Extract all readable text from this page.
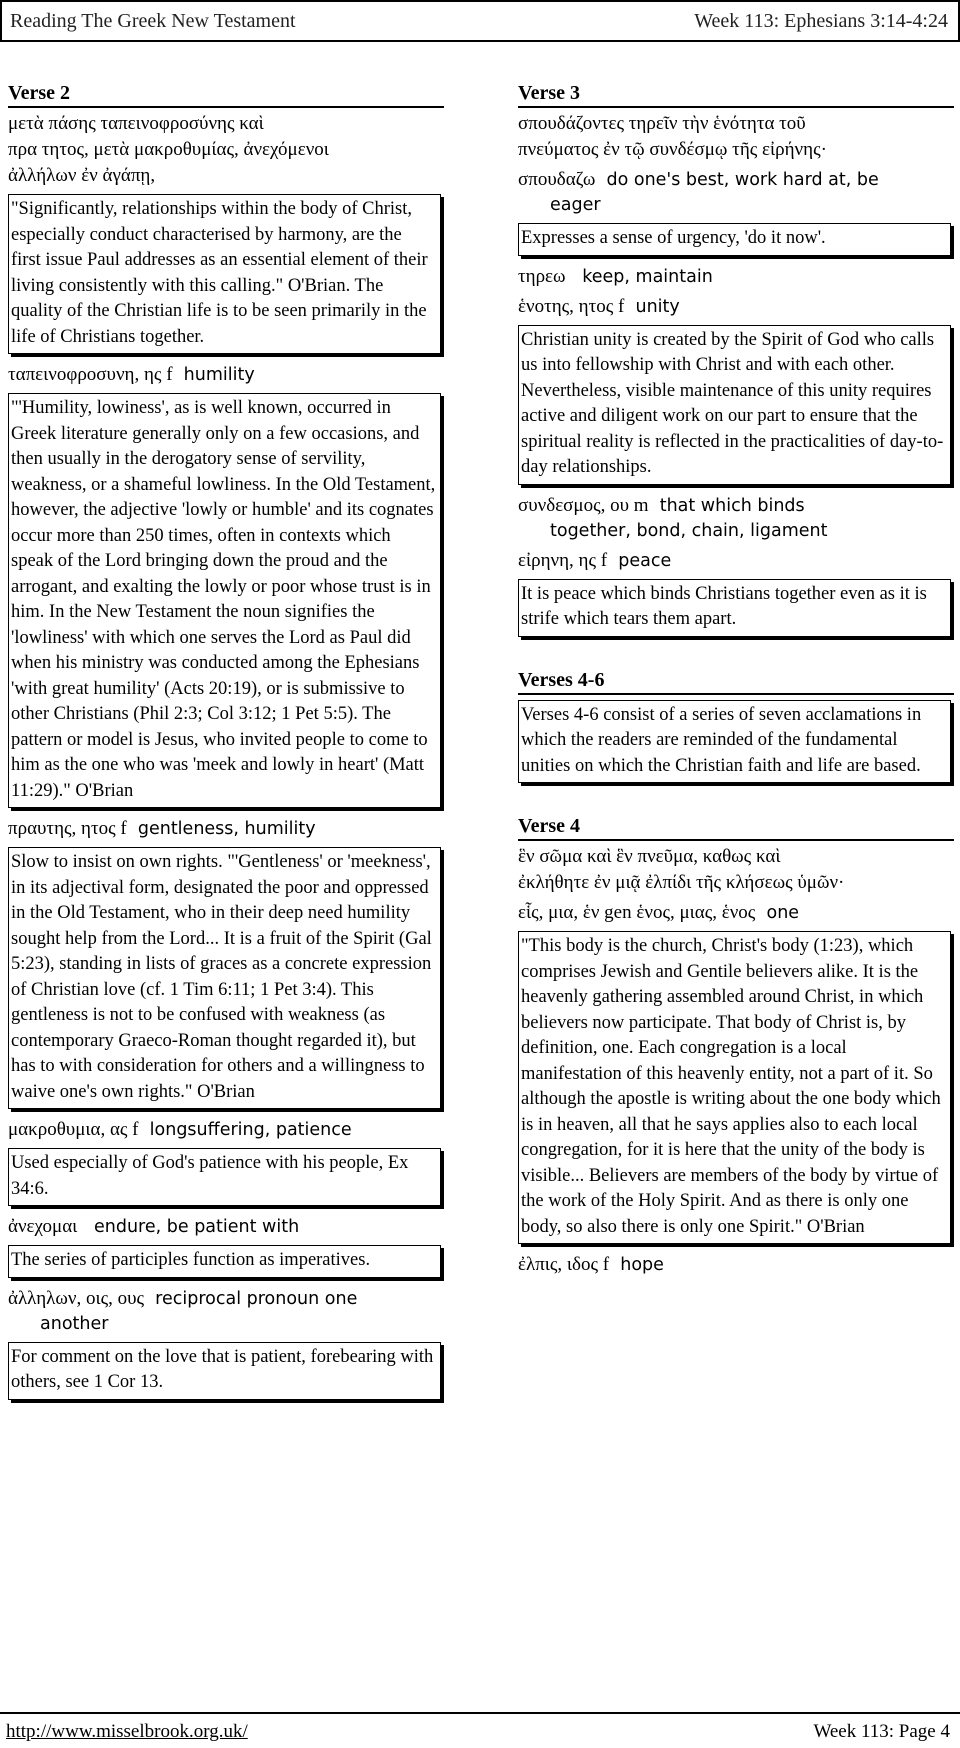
Reading The Greek New Testament	Week 113: Ephesians 3:14-4:24
Verse 2
μετὰ πάσης ταπεινοφροσύνης καὶ
πρα τητος, μετὰ μακροθυμίας, ἀνεχόμενοι
ἀλλήλων ἐν ἀγάπῃ,
"Significantly, relationships within the body of Christ, especially conduct characterised by harmony, are the first issue Paul addresses as an essential element of their living consistently with this calling." O'Brian. The quality of the Christian life is to be seen primarily in the life of Christians together.
ταπεινοφροσυνη, ης f humility
"'Humility, lowiness', as is well known, occurred in Greek literature generally only on a few occasions, and then usually in the derogatory sense of servility, weakness, or a shameful lowliness. In the Old Testament, however, the adjective 'lowly or humble' and its cognates occur more than 250 times, often in contexts which speak of the Lord bringing down the proud and the arrogant, and exalting the lowly or poor whose trust is in him. In the New Testament the noun signifies the 'lowliness' with which one serves the Lord as Paul did when his ministry was conducted among the Ephesians 'with great humility' (Acts 20:19), or is submissive to other Christians (Phil 2:3; Col 3:12; 1 Pet 5:5). The pattern or model is Jesus, who invited people to come to him as the one who was 'meek and lowly in heart' (Matt 11:29)." O'Brian
πραυτης, ητος f gentleness, humility
Slow to insist on own rights. "'Gentleness' or 'meekness', in its adjectival form, designated the poor and oppressed in the Old Testament, who in their deep need humility sought help from the Lord... It is a fruit of the Spirit (Gal 5:23), standing in lists of graces as a concrete expression of Christian love (cf. 1 Tim 6:11; 1 Pet 3:4). This gentleness is not to be confused with weakness (as contemporary Graeco-Roman thought regarded it), but has to with consideration for others and a willingness to waive one's own rights." O'Brian
μακροθυμια, ας f longsuffering, patience
Used especially of God's patience with his people, Ex 34:6.
ἀνεχομαι endure, be patient with
The series of participles function as imperatives.
ἀλληλων, οις, ους reciprocal pronoun one
another
For comment on the love that is patient, forebearing with others, see 1 Cor 13.
Verse 3
σπουδάζοντες τηρεῖν τὴν ἑνότητα τοῦ
πνεύματος ἐν τῷ συνδέσμῳ τῆς εἰρήνης·
σπουδαζω do one's best, work hard at, be
eager
Expresses a sense of urgency, 'do it now'.
τηρεω keep, maintain
ἑνοτης, ητος f unity
Christian unity is created by the Spirit of God who calls us into fellowship with Christ and with each other. Nevertheless, visible maintenance of this unity requires active and diligent work on our part to ensure that the spiritual reality is reflected in the practicalities of day-to-day relationships.
συνδεσμος, ου m that which binds
together, bond, chain, ligament
εἰρηνη, ης f peace
It is peace which binds Christians together even as it is strife which tears them apart.
Verses 4-6
Verses 4-6 consist of a series of seven acclamations in which the readers are reminded of the fundamental unities on which the Christian faith and life are based.
Verse 4
ἓν σῶμα καὶ ἓν πνεῦμα, καθως καὶ
ἐκλήθητε ἐν μιᾷ ἐλπίδι τῆς κλήσεως ὑμῶν·
εἷς, μια, ἑν gen ἑνος, μιας, ἑνος one
"This body is the church, Christ's body (1:23), which comprises Jewish and Gentile believers alike. It is the heavenly gathering assembled around Christ, in which believers now participate. That body of Christ is, by definition, one. Each congregation is a local manifestation of this heavenly entity, not a part of it. So although the apostle is writing about the one body which is in heaven, all that he says applies also to each local congregation, for it is here that the unity of the body is visible... Believers are members of the body by virtue of the work of the Holy Spirit. And as there is only one body, so also there is only one Spirit." O'Brian
ἐλπις, ιδος f hope
http://www.misselbrook.org.uk/	Week 113: Page 4
